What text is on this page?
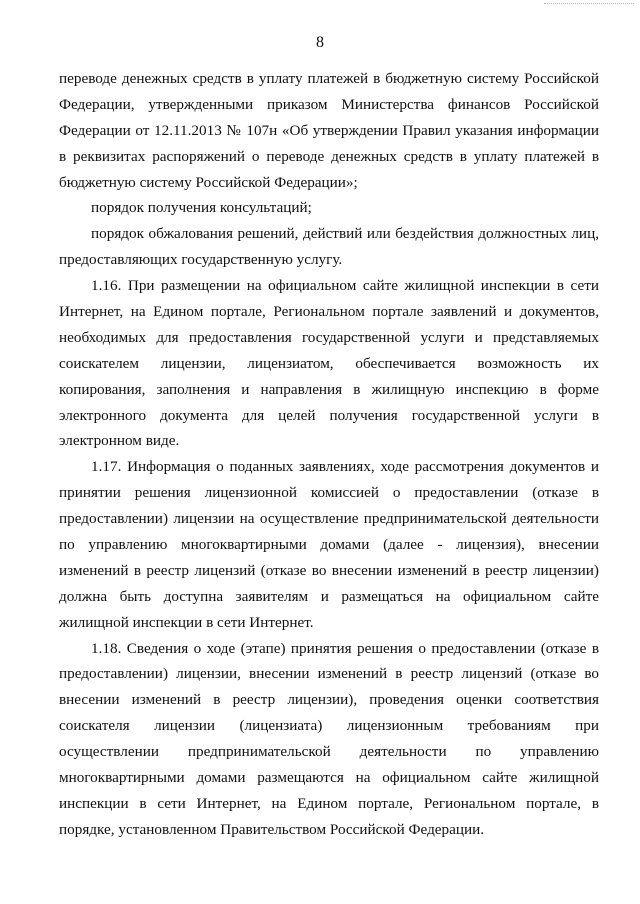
8
переводе денежных средств в уплату платежей в бюджетную систему Российской
Федерации, утвержденными приказом Министерства финансов Российской
Федерации от 12.11.2013 № 107н «Об утверждении Правил указания информации
в реквизитах распоряжений о переводе денежных средств в уплату платежей в
бюджетную систему Российской Федерации»;
порядок получения консультаций;
порядок обжалования решений, действий или бездействия должностных лиц,
предоставляющих государственную услугу.
1.16. При размещении на официальном сайте жилищной инспекции в сети
Интернет, на Едином портале, Региональном портале заявлений и документов,
необходимых для предоставления государственной услуги и представляемых
соискателем лицензии, лицензиатом, обеспечивается возможность их
копирования, заполнения и направления в жилищную инспекцию в форме
электронного документа для целей получения государственной услуги в
электронном виде.
1.17. Информация о поданных заявлениях, ходе рассмотрения документов и
принятии решения лицензионной комиссией о предоставлении (отказе в
предоставлении) лицензии на осуществление предпринимательской деятельности
по управлению многоквартирными домами (далее - лицензия), внесении
изменений в реестр лицензий (отказе во внесении изменений в реестр лицензии)
должна быть доступна заявителям и размещаться на официальном сайте
жилищной инспекции в сети Интернет.
1.18. Сведения о ходе (этапе) принятия решения о предоставлении (отказе в
предоставлении) лицензии, внесении изменений в реестр лицензий (отказе во
внесении изменений в реестр лицензии), проведения оценки соответствия
соискателя лицензии (лицензиата) лицензионным требованиям при
осуществлении предпринимательской деятельности по управлению
многоквартирными домами размещаются на официальном сайте жилищной
инспекции в сети Интернет, на Едином портале, Региональном портале, в
порядке, установленном Правительством Российской Федерации.
